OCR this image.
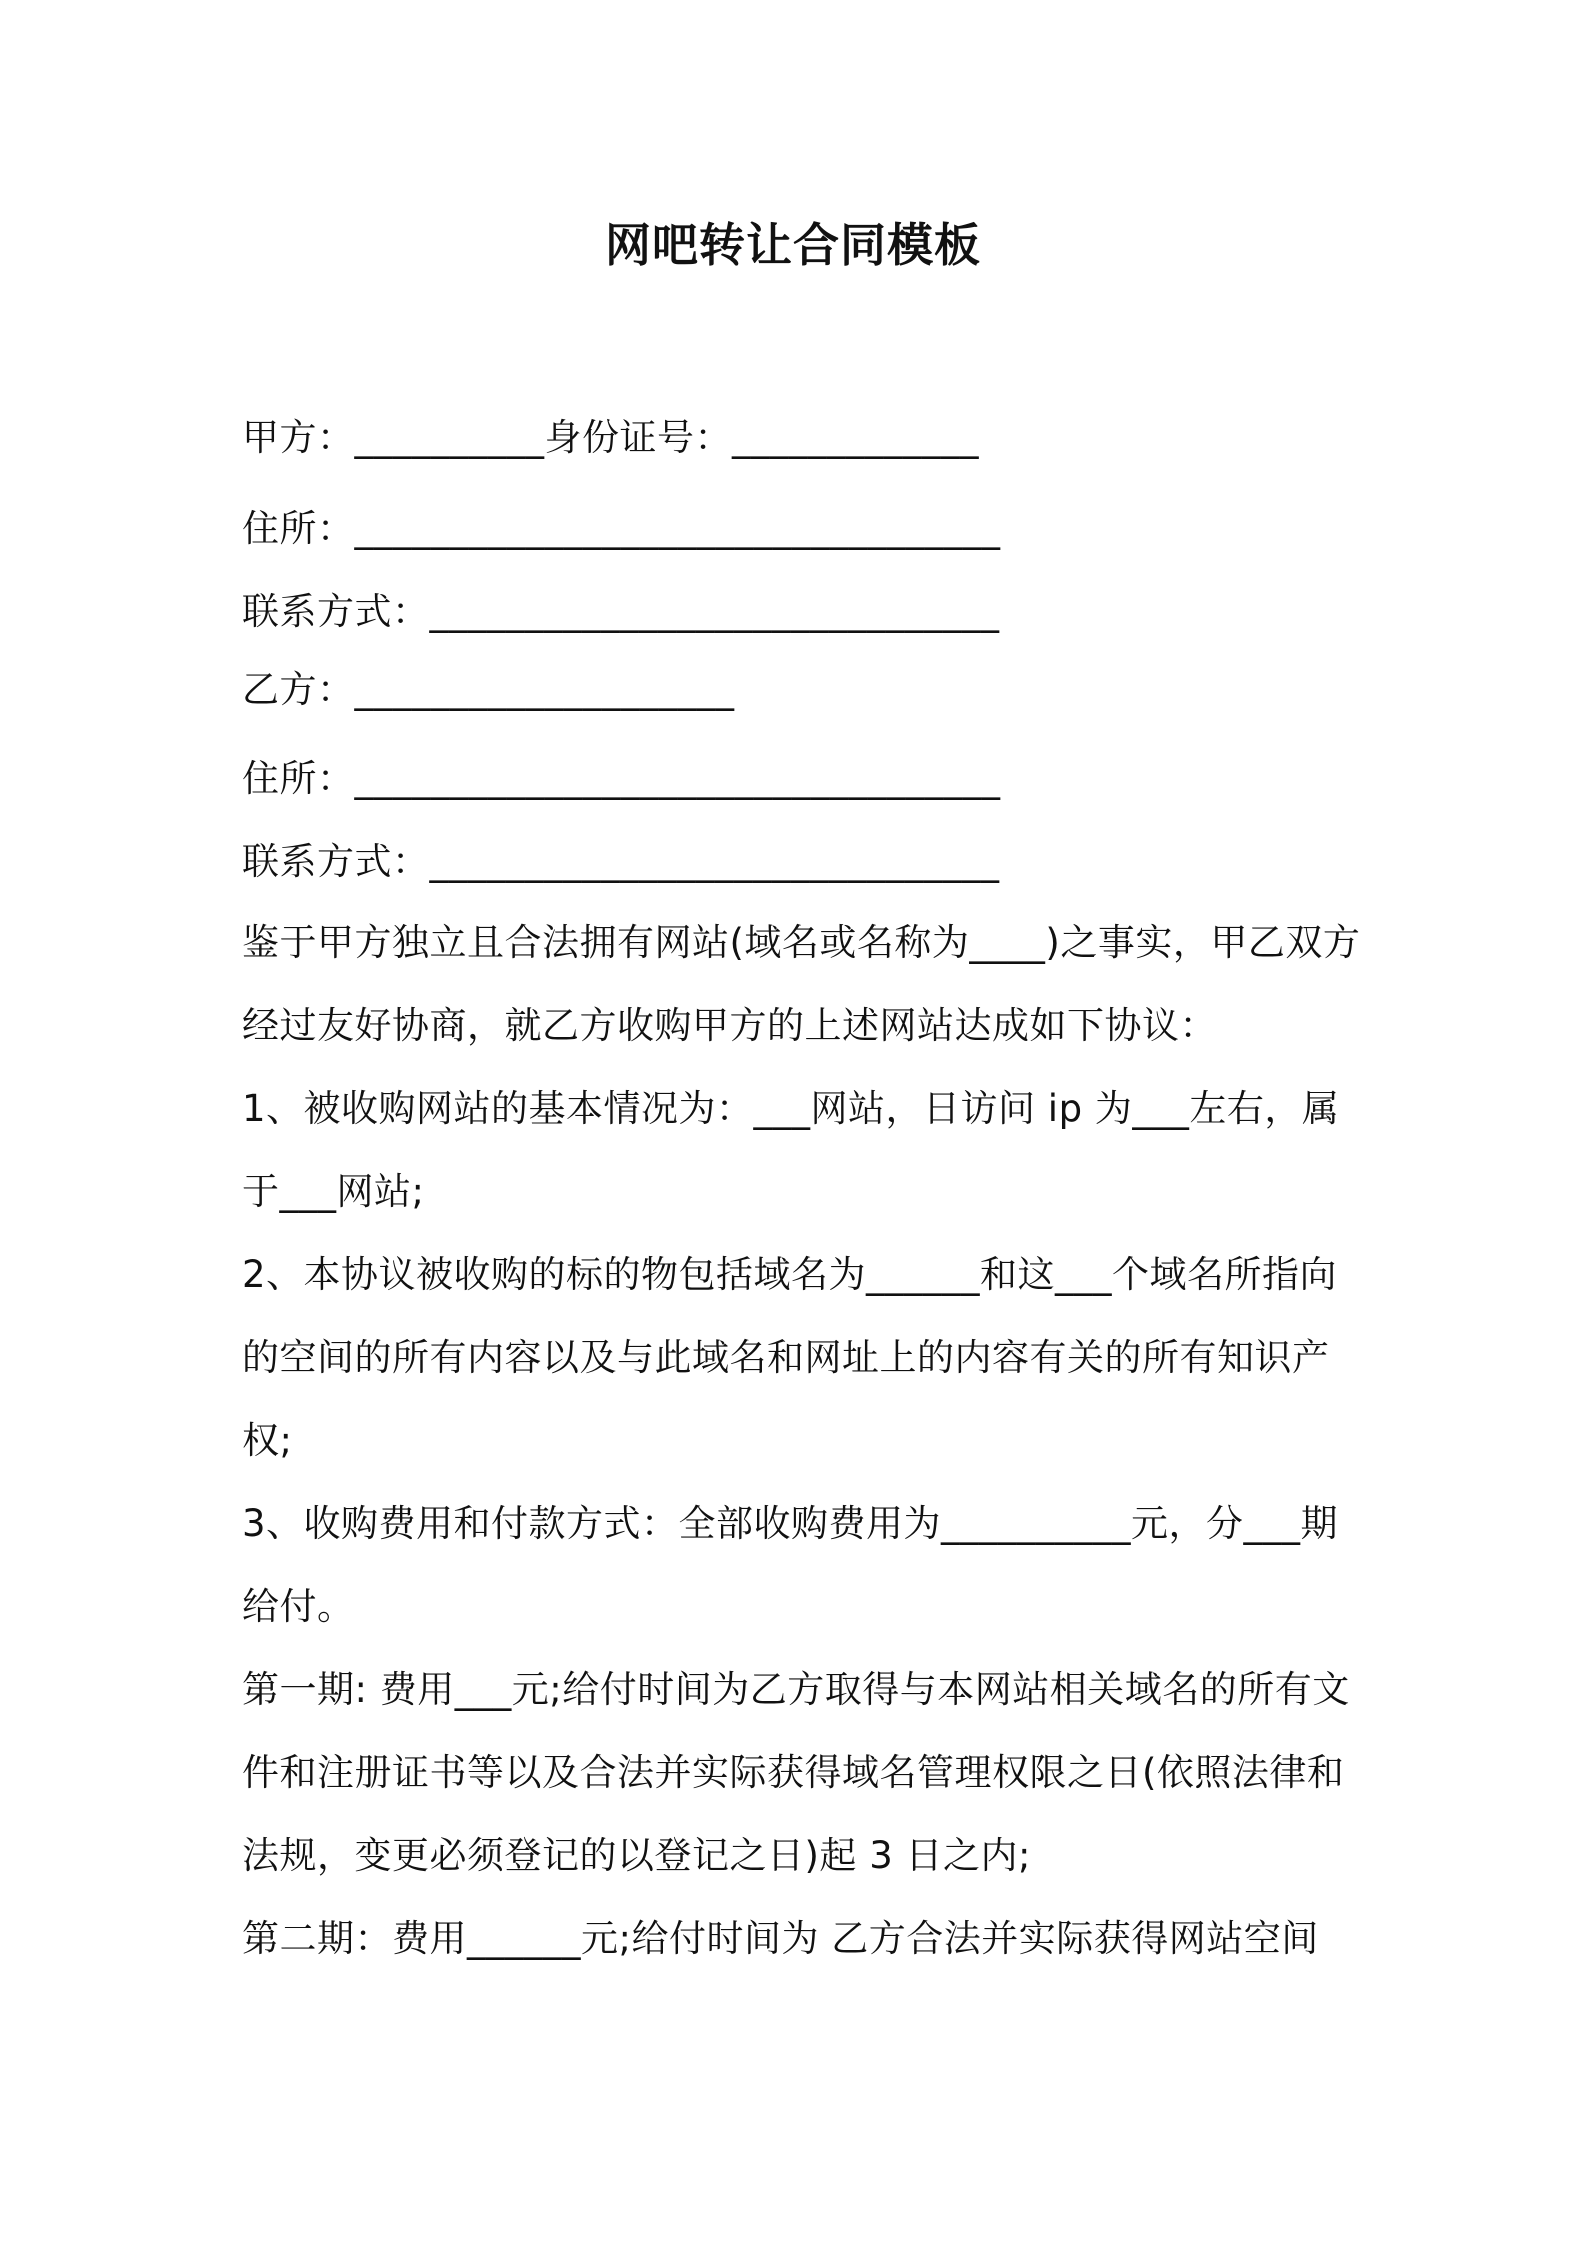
网吧转让合同模板
甲方：__________身份证号：_____________
住所：__________________________________
联系方式：______________________________
乙方：____________________
住所：__________________________________
联系方式：______________________________
鉴于甲方独立且合法拥有网站(域名或名称为____)之事实，甲乙双方
经过友好协商，就乙方收购甲方的上述网站达成如下协议：
1、被收购网站的基本情况为：___网站，日访问 ip 为___左右，属
于___网站;
2、本协议被收购的标的物包括域名为______和这___个域名所指向
的空间的所有内容以及与此域名和网址上的内容有关的所有知识产
权;
3、收购费用和付款方式：全部收购费用为__________元，分___期
给付。
第一期: 费用___元;给付时间为乙方取得与本网站相关域名的所有文
件和注册证书等以及合法并实际获得域名管理权限之日(依照法律和
法规，变更必须登记的以登记之日)起 3 日之内;
第二期：费用______元;给付时间为 乙方合法并实际获得网站空间
